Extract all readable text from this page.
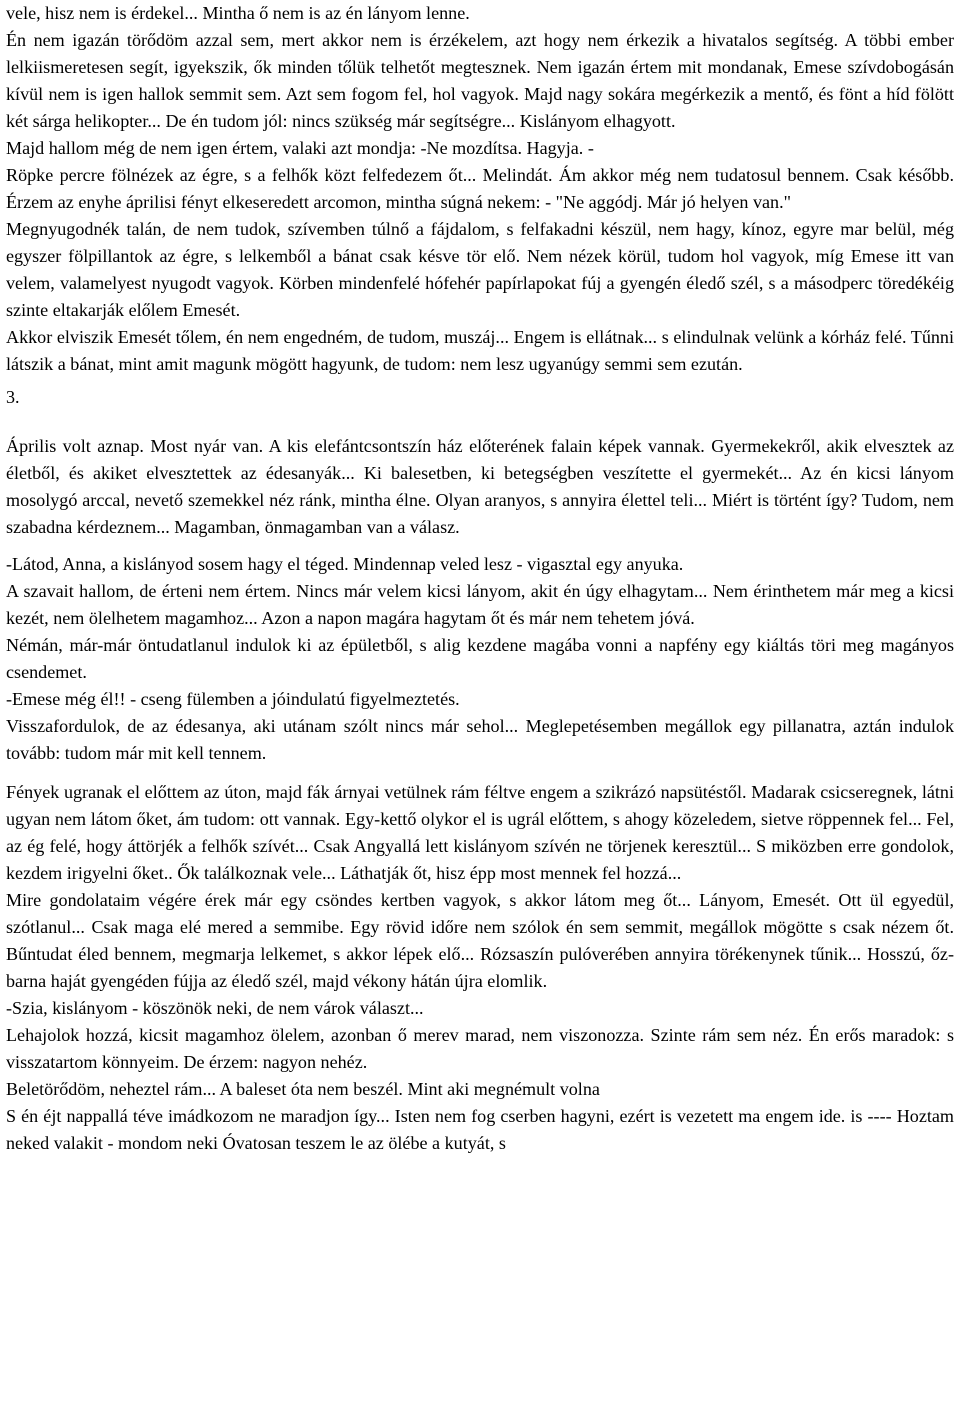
vele, hisz nem is érdekel... Mintha ő nem is az én lányom lenne.

Én nem igazán törődöm azzal sem, mert akkor nem is érzékelem, azt hogy nem érkezik a hivatalos segítség. A többi ember lelkiismeretesen segít, igyekszik, ők minden tőlük telhetőt megtesznek. Nem igazán értem mit mondanak, Emese szívdobogásán kívül nem is igen hallok semmit sem. Azt sem fogom fel, hol vagyok. Majd nagy sokára megérkezik a mentő, és fönt a híd fölött két sárga helikopter... De én tudom jól: nincs szükség már segítségre... Kislányom elhagyott.

Majd hallom még de nem igen értem, valaki azt mondja: -Ne mozdítsa. Hagyja. -

Röpke percre fölnézek az égre, s a felhők közt felfedezem őt... Melindát. Ám akkor még nem tudatosul bennem. Csak később. Érzem az enyhe áprilisi fényt elkeseredett arcomon, mintha súgná nekem: - "Ne aggódj. Már jó helyen van."

Megnyugodnék talán, de nem tudok, szívemben túlnő a fájdalom, s felfakadni készül, nem hagy, kínoz, egyre mar belül, még egyszer fölpillantok az égre, s lelkemből a bánat csak késve tör elő. Nem nézek körül, tudom hol vagyok, míg Emese itt van velem, valamelyest nyugodt vagyok. Körben mindenfelé hófehér papírlapokat fúj a gyengén éledő szél, s a másodperc töredékéig szinte eltakarják előlem Emesét.

Akkor elviszik Emesét tőlem, én nem engedném, de tudom, muszáj... Engem is ellátnak... s elindulnak velünk a kórház felé. Tűnni látszik a bánat, mint amit magunk mögött hagyunk, de tudom: nem lesz ugyanúgy semmi sem ezután.

3.

Április volt aznap. Most nyár van. A kis elefántcsontszín ház előterének falain képek vannak. Gyermekekről, akik elvesztek az életből, és akiket elvesztettek az édesanyák... Ki balesetben, ki betegségben veszítette el gyermekét... Az én kicsi lányom mosolygó arccal, nevető szemekkel néz ránk, mintha élne. Olyan aranyos, s annyira élettel teli... Miért is történt így? Tudom, nem szabadna kérdeznem... Magamban, önmagamban van a válasz.

-Látod, Anna, a kislányod sosem hagy el téged. Mindennap veled lesz - vigasztal egy anyuka.

A szavait hallom, de érteni nem értem. Nincs már velem kicsi lányom, akit én úgy elhagytam... Nem érinthetem már meg a kicsi kezét, nem ölelhetem magamhoz... Azon a napon magára hagytam őt és már nem tehetem jóvá.

Némán, már-már öntudatlanul indulok ki az épületből, s alig kezdene magába vonni a napfény egy kiáltás töri meg magányos csendemet.

-Emese még él!! - cseng fülemben a jóindulatú figyelmeztetés.

Visszafordulok, de az édesanya, aki utánam szólt nincs már sehol... Meglepetésemben megállok egy pillanatra, aztán indulok tovább: tudom már mit kell tennem.

Fények ugranak el előttem az úton, majd fák árnyai vetülnek rám féltve engem a szikrázó napsütéstől. Madarak csicseregnek, látni ugyan nem látom őket, ám tudom: ott vannak. Egy-kettő olykor el is ugrál előttem, s ahogy közeledem, sietve röppennek fel... Fel, az ég felé, hogy áttörjék a felhők szívét... Csak Angyallá lett kislányom szívén ne törjenek keresztül... S miközben erre gondolok, kezdem irigyelni őket.. Ők találkoznak vele... Láthatják őt, hisz épp most mennek fel hozzá...

Mire gondolataim végére érek már egy csöndes kertben vagyok, s akkor látom meg őt... Lányom, Emesét. Ott ül egyedül, szótlanul... Csak maga elé mered a semmibe. Egy rövid időre nem szólok én sem semmit, megállok mögötte s csak nézem őt. Bűntudat éled bennem, megmarja lelkemet, s akkor lépek elő... Rózsaszín pulóverében annyira törékenynek tűnik... Hosszú, őz-barna haját gyengéden fújja az éledő szél, majd vékony hátán újra elomlik.

-Szia, kislányom - köszönök neki, de nem várok választ...

Lehajolok hozzá, kicsit magamhoz ölelem, azonban ő merev marad, nem viszonozza. Szinte rám sem néz. Én erős maradok: s visszatartom könnyeim. De érzem: nagyon nehéz.

Beletörődöm, neheztel rám... A baleset óta nem beszél. Mint aki megnémult volna

S én éjt nappallá téve imádkozom ne maradjon így... Isten nem fog cserben hagyni, ezért is vezetett ma engem ide. is ---- Hoztam neked valakit - mondom neki Óvatosan teszem le az ölébe a kutyát, s
